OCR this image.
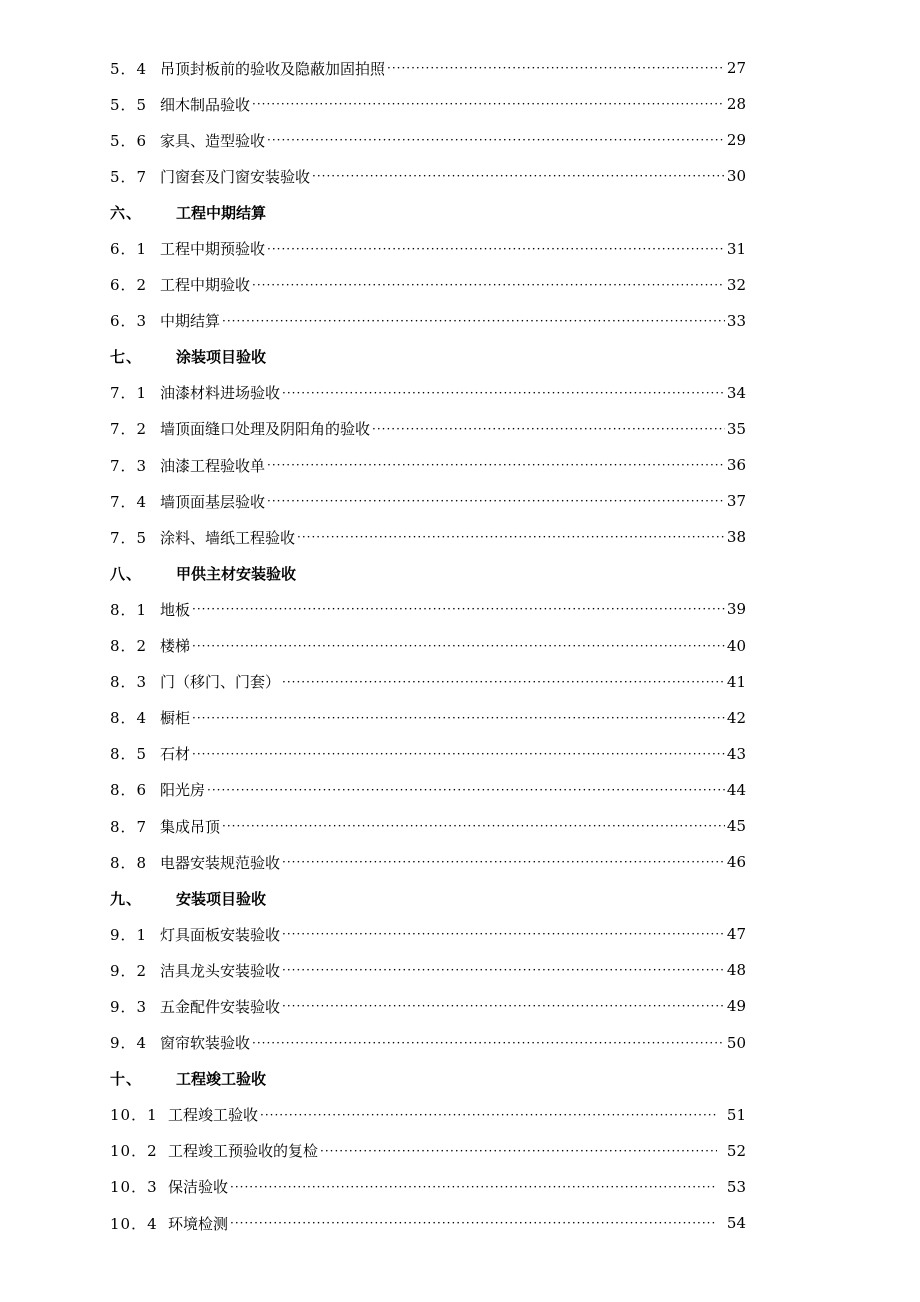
5．4 吊顶封板前的验收及隐蔽加固拍照 ·····	27
5．5 细木制品验收 ·····	28
5．6 家具、造型验收 ·····	29
5．7 门窗套及门窗安装验收 ·····	30
六、	工程中期结算
6．1 工程中期预验收 ·····	31
6．2 工程中期验收 ·····	32
6．3 中期结算 ·····	33
七、	涂装项目验收
7．1 油漆材料进场验收 ·····	34
7．2 墙顶面缝口处理及阴阳角的验收 ·····	35
7．3 油漆工程验收单 ·····	36
7．4 墙顶面基层验收 ·····	37
7．5 涂料、墙纸工程验收 ·····	38
八、	甲供主材安装验收
8．1 地板 ·····	39
8．2 楼梯 ·····	40
8．3 门（移门、门套） ·····	41
8．4 橱柜 ·····	42
8．5 石材 ·····	43
8．6 阳光房 ·····	44
8．7 集成吊顶 ·····	45
8．8 电器安装规范验收 ·····	46
九、	安装项目验收
9．1 灯具面板安装验收 ·····	47
9．2 洁具龙头安装验收 ·····	48
9．3 五金配件安装验收 ·····	49
9．4 窗帘软装验收 ·····	50
十、	工程竣工验收
10．1 工程竣工验收 ·····	51
10．2 工程竣工预验收的复检 ·····	52
10．3 保洁验收 ·····	53
10．4 环境检测 ·····	54
